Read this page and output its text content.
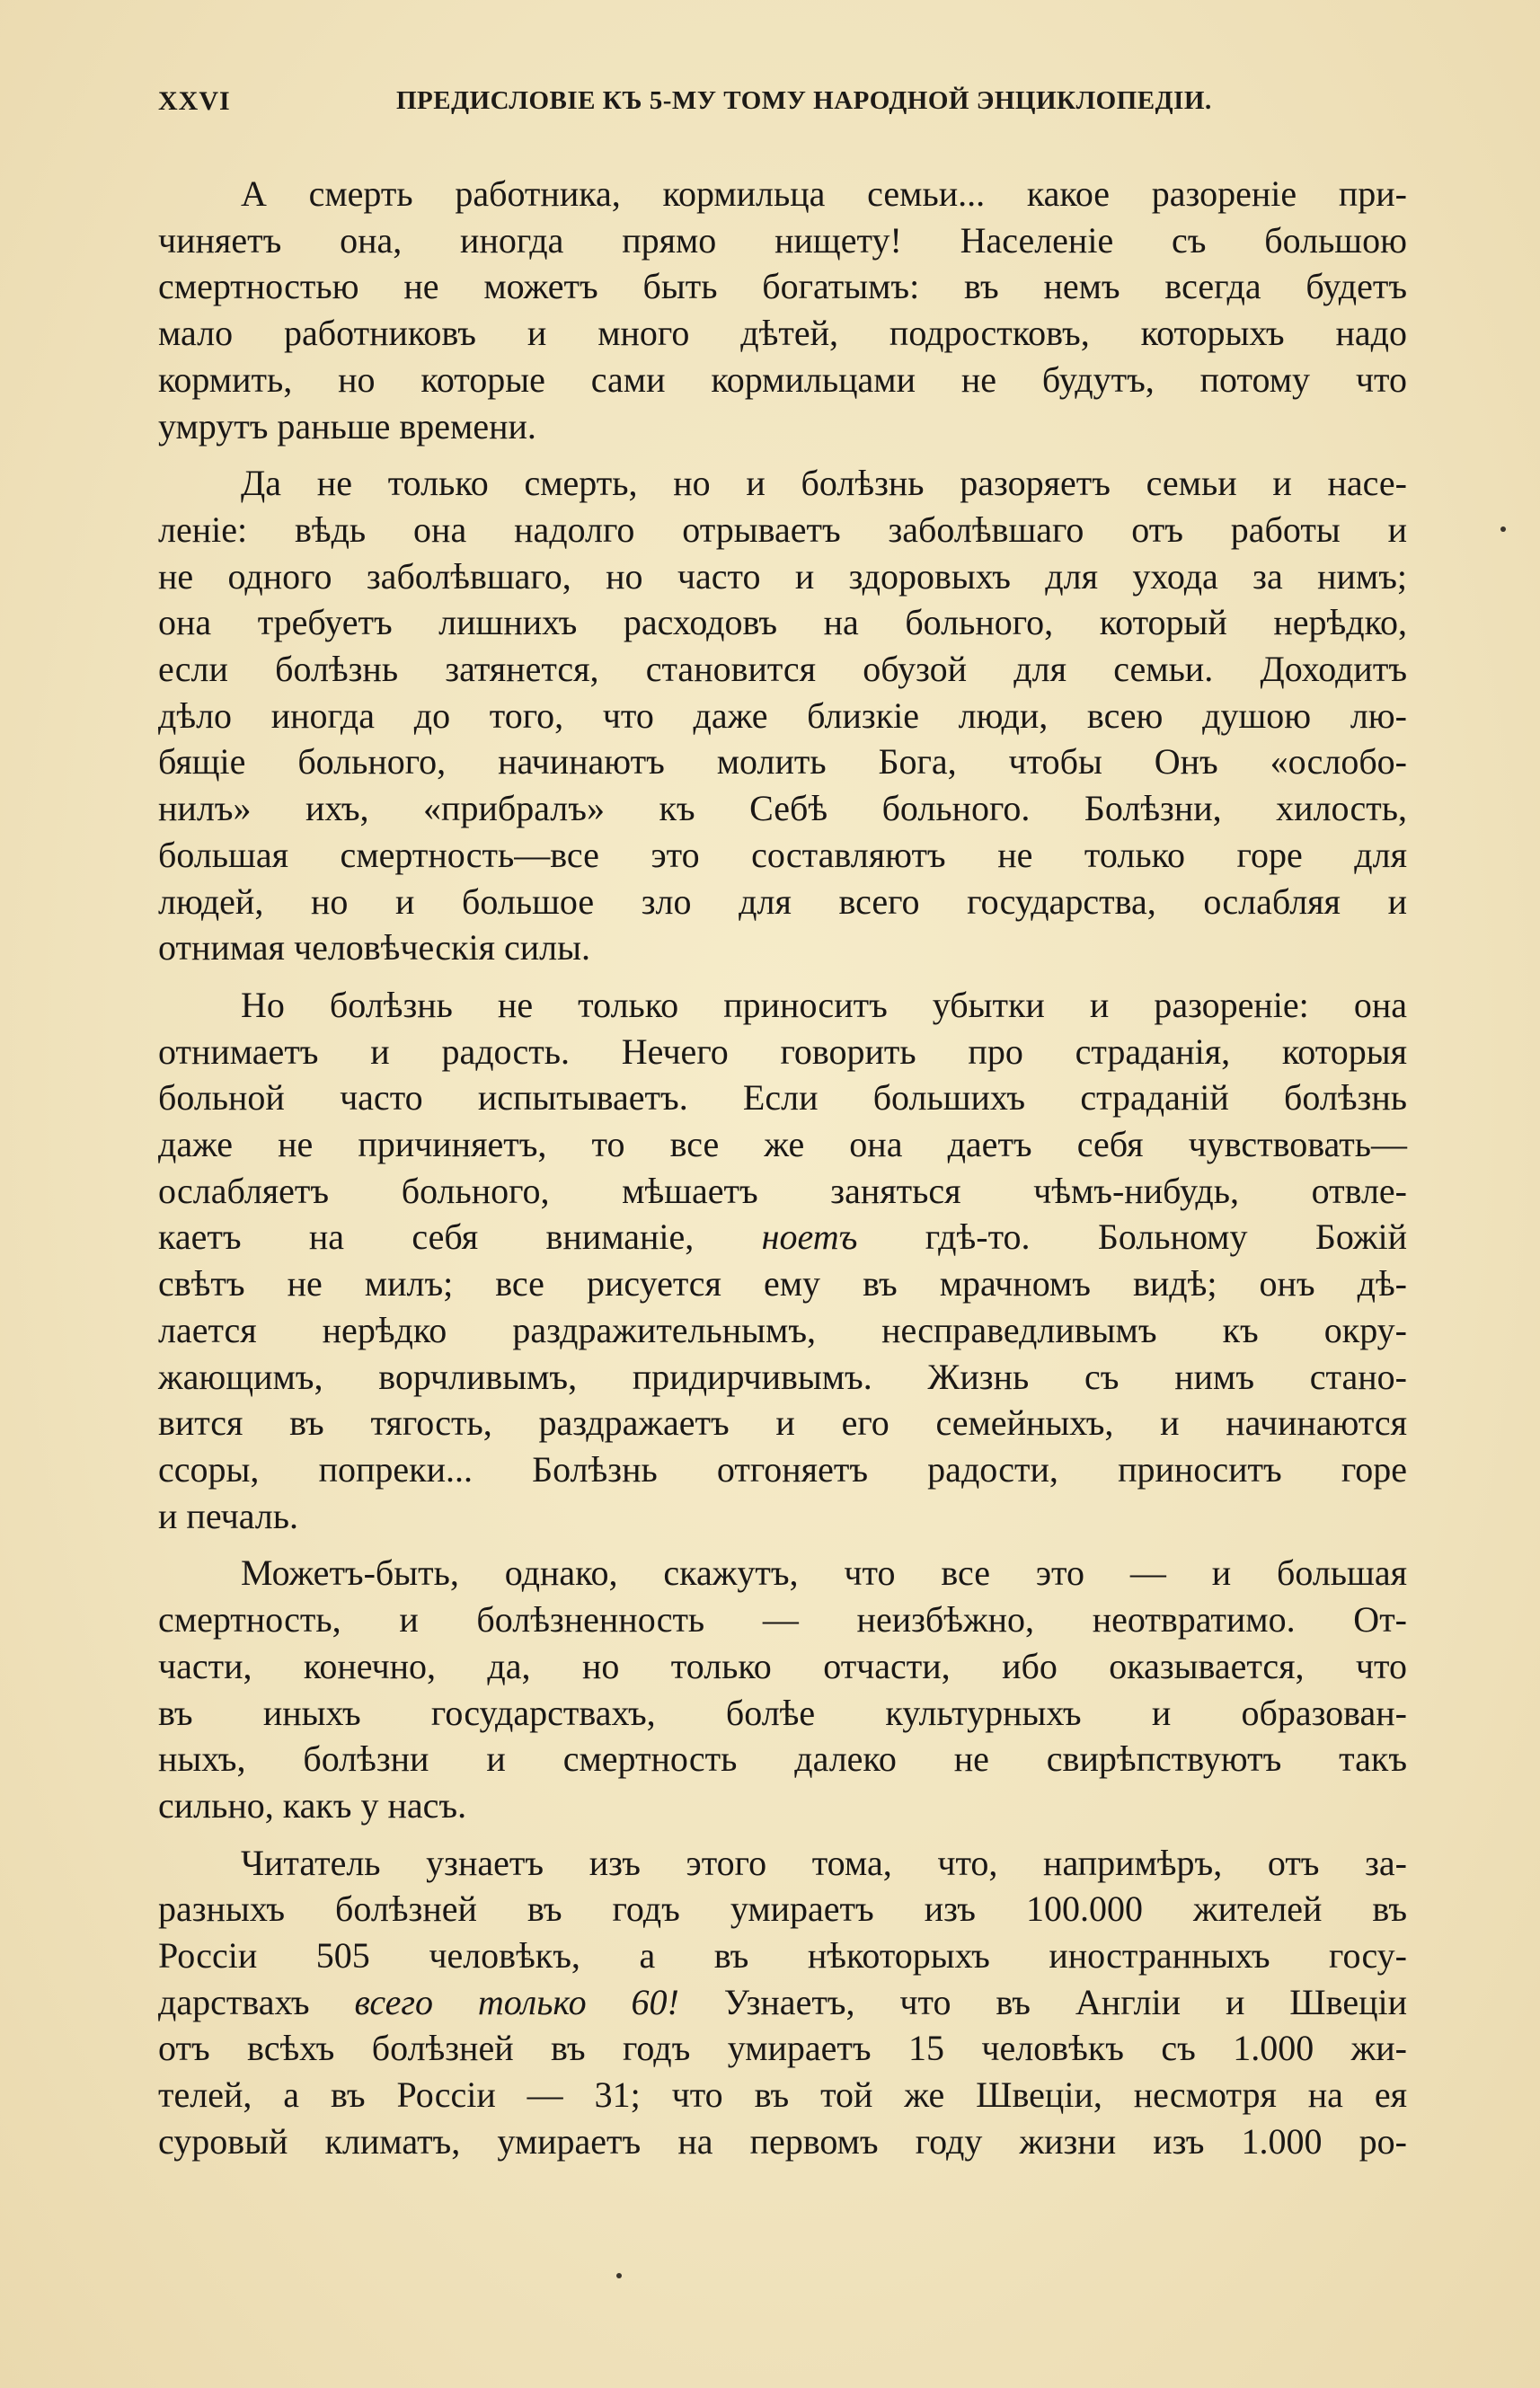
XXVI	ПРЕДИСЛОВІЕ КЪ 5-МУ ТОМУ НАРОДНОЙ ЭНЦИКЛОПЕДІИ.

А смерть работника, кормильца семьи... какое разореніе при-
чиняетъ она, иногда прямо нищету! Населеніе съ большою
смертностью не можетъ быть богатымъ: въ немъ всегда будетъ
мало работниковъ и много дѣтей, подростковъ, которыхъ надо
кормить, но которые сами кормильцами не будутъ, потому что
умрутъ раньше времени.

Да не только смерть, но и болѣзнь разоряетъ семьи и насе-
леніе: вѣдь она надолго отрываетъ заболѣвшаго отъ работы и
не одного заболѣвшаго, но часто и здоровыхъ для ухода за нимъ;
она требуетъ лишнихъ расходовъ на больного, который нерѣдко,
если болѣзнь затянется, становится обузой для семьи. Доходитъ
дѣло иногда до того, что даже близкіе люди, всею душою лю-
бящіе больного, начинаютъ молить Бога, чтобы Онъ «ослобо-
нилъ» ихъ, «прибралъ» къ Себѣ больного. Болѣзни, хилость,
большая смертность—все это составляютъ не только горе для
людей, но и большое зло для всего государства, ослабляя и
отнимая человѣческія силы.

Но болѣзнь не только приноситъ убытки и разореніе: она
отнимаетъ и радость. Нечего говорить про страданія, которыя
больной часто испытываетъ. Если большихъ страданій болѣзнь
даже не причиняетъ, то все же она даетъ себя чувствовать—
ослабляетъ больного, мѣшаетъ заняться чѣмъ-нибудь, отвле-
каетъ на себя вниманіе, ноетъ гдѣ-то. Больному Божій
свѣтъ не милъ; все рисуется ему въ мрачномъ видѣ; онъ дѣ-
лается нерѣдко раздражительнымъ, несправедливымъ къ окру-
жающимъ, ворчливымъ, придирчивымъ. Жизнь съ нимъ стано-
вится въ тягость, раздражаетъ и его семейныхъ, и начинаются
ссоры, попреки... Болѣзнь отгоняетъ радости, приноситъ горе
и печаль.

Можетъ-быть, однако, скажутъ, что все это — и большая
смертность, и болѣзненность — неизбѣжно, неотвратимо. От-
части, конечно, да, но только отчасти, ибо оказывается, что
въ иныхъ государствахъ, болѣе культурныхъ и образован-
ныхъ, болѣзни и смертность далеко не свирѣпствуютъ такъ
сильно, какъ у насъ.

Читатель узнаетъ изъ этого тома, что, напримѣръ, отъ за-
разныхъ болѣзней въ годъ умираетъ изъ 100.000 жителей въ
Россіи 505 человѣкъ, а въ нѣкоторыхъ иностранныхъ госу-
дарствахъ всего только 60! Узнаетъ, что въ Англіи и Швеціи
отъ всѣхъ болѣзней въ годъ умираетъ 15 человѣкъ съ 1.000 жи-
телей, а въ Россіи — 31; что въ той же Швеціи, несмотря на ея
суровый климатъ, умираетъ на первомъ году жизни изъ 1.000 ро-
